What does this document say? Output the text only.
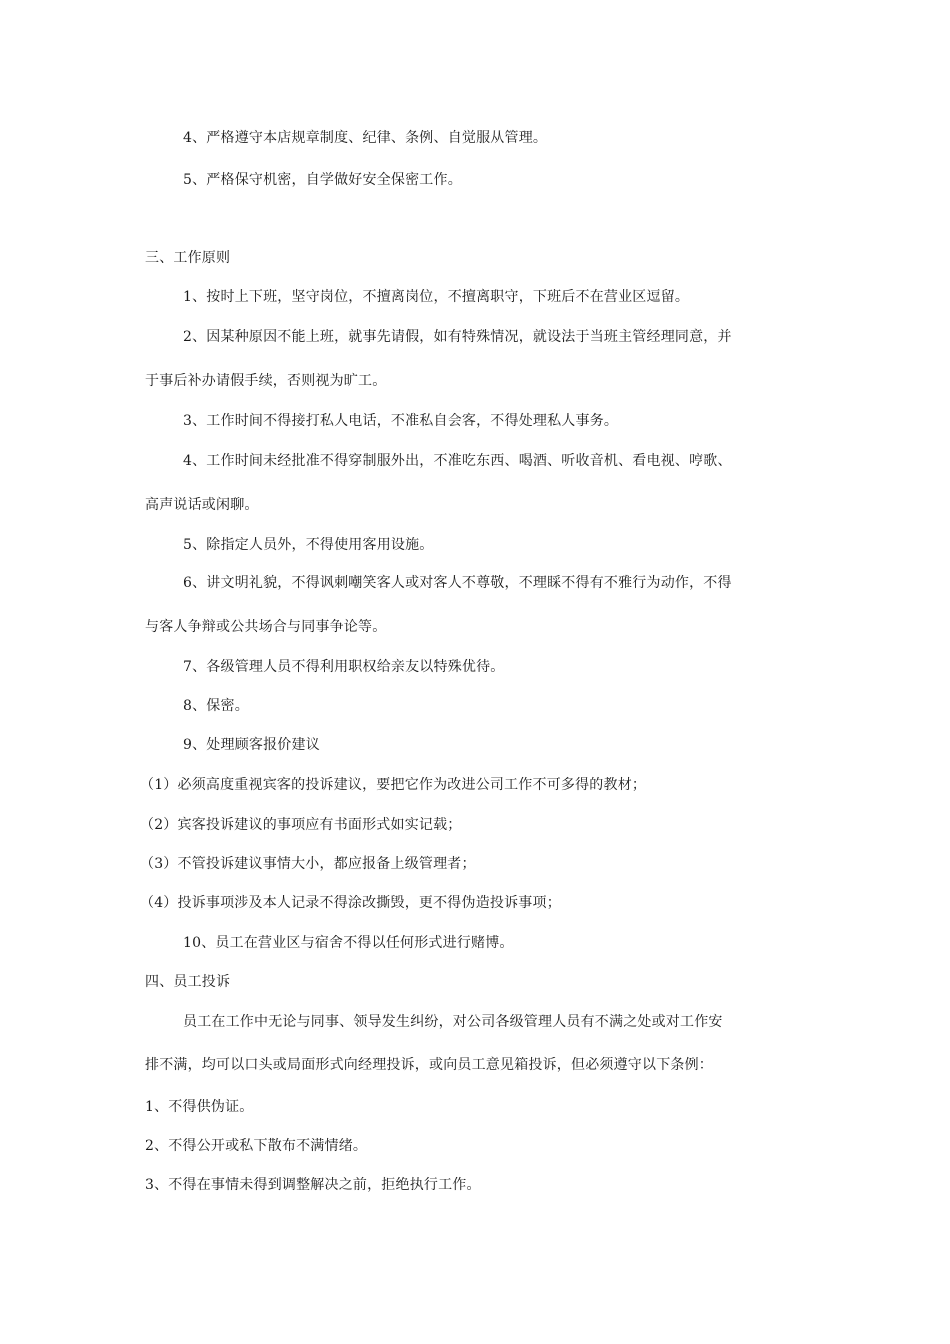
4、严格遵守本店规章制度、纪律、条例、自觉服从管理。
5、严格保守机密，自学做好安全保密工作。
三、工作原则
1、按时上下班，坚守岗位，不擅离岗位，不擅离职守，下班后不在营业区逗留。
2、因某种原因不能上班，就事先请假，如有特殊情况，就设法于当班主管经理同意，并
于事后补办请假手续，否则视为旷工。
3、工作时间不得接打私人电话，不准私自会客，不得处理私人事务。
4、工作时间未经批准不得穿制服外出，不准吃东西、喝酒、听收音机、看电视、哼歌、
高声说话或闲聊。
5、除指定人员外，不得使用客用设施。
6、讲文明礼貌，不得讽刺嘲笑客人或对客人不尊敬，不理睬不得有不雅行为动作，不得
与客人争辩或公共场合与同事争论等。
7、各级管理人员不得利用职权给亲友以特殊优待。
8、保密。
9、处理顾客报价建议
（1）必须高度重视宾客的投诉建议，要把它作为改进公司工作不可多得的教材；
（2）宾客投诉建议的事项应有书面形式如实记载；
（3）不管投诉建议事情大小，都应报备上级管理者；
（4）投诉事项涉及本人记录不得涂改撕毁，更不得伪造投诉事项；
10、员工在营业区与宿舍不得以任何形式进行赌博。
四、员工投诉
员工在工作中无论与同事、领导发生纠纷，对公司各级管理人员有不满之处或对工作安
排不满，均可以口头或局面形式向经理投诉，或向员工意见箱投诉，但必须遵守以下条例：
1、不得供伪证。
2、不得公开或私下散布不满情绪。
3、不得在事情未得到调整解决之前，拒绝执行工作。
